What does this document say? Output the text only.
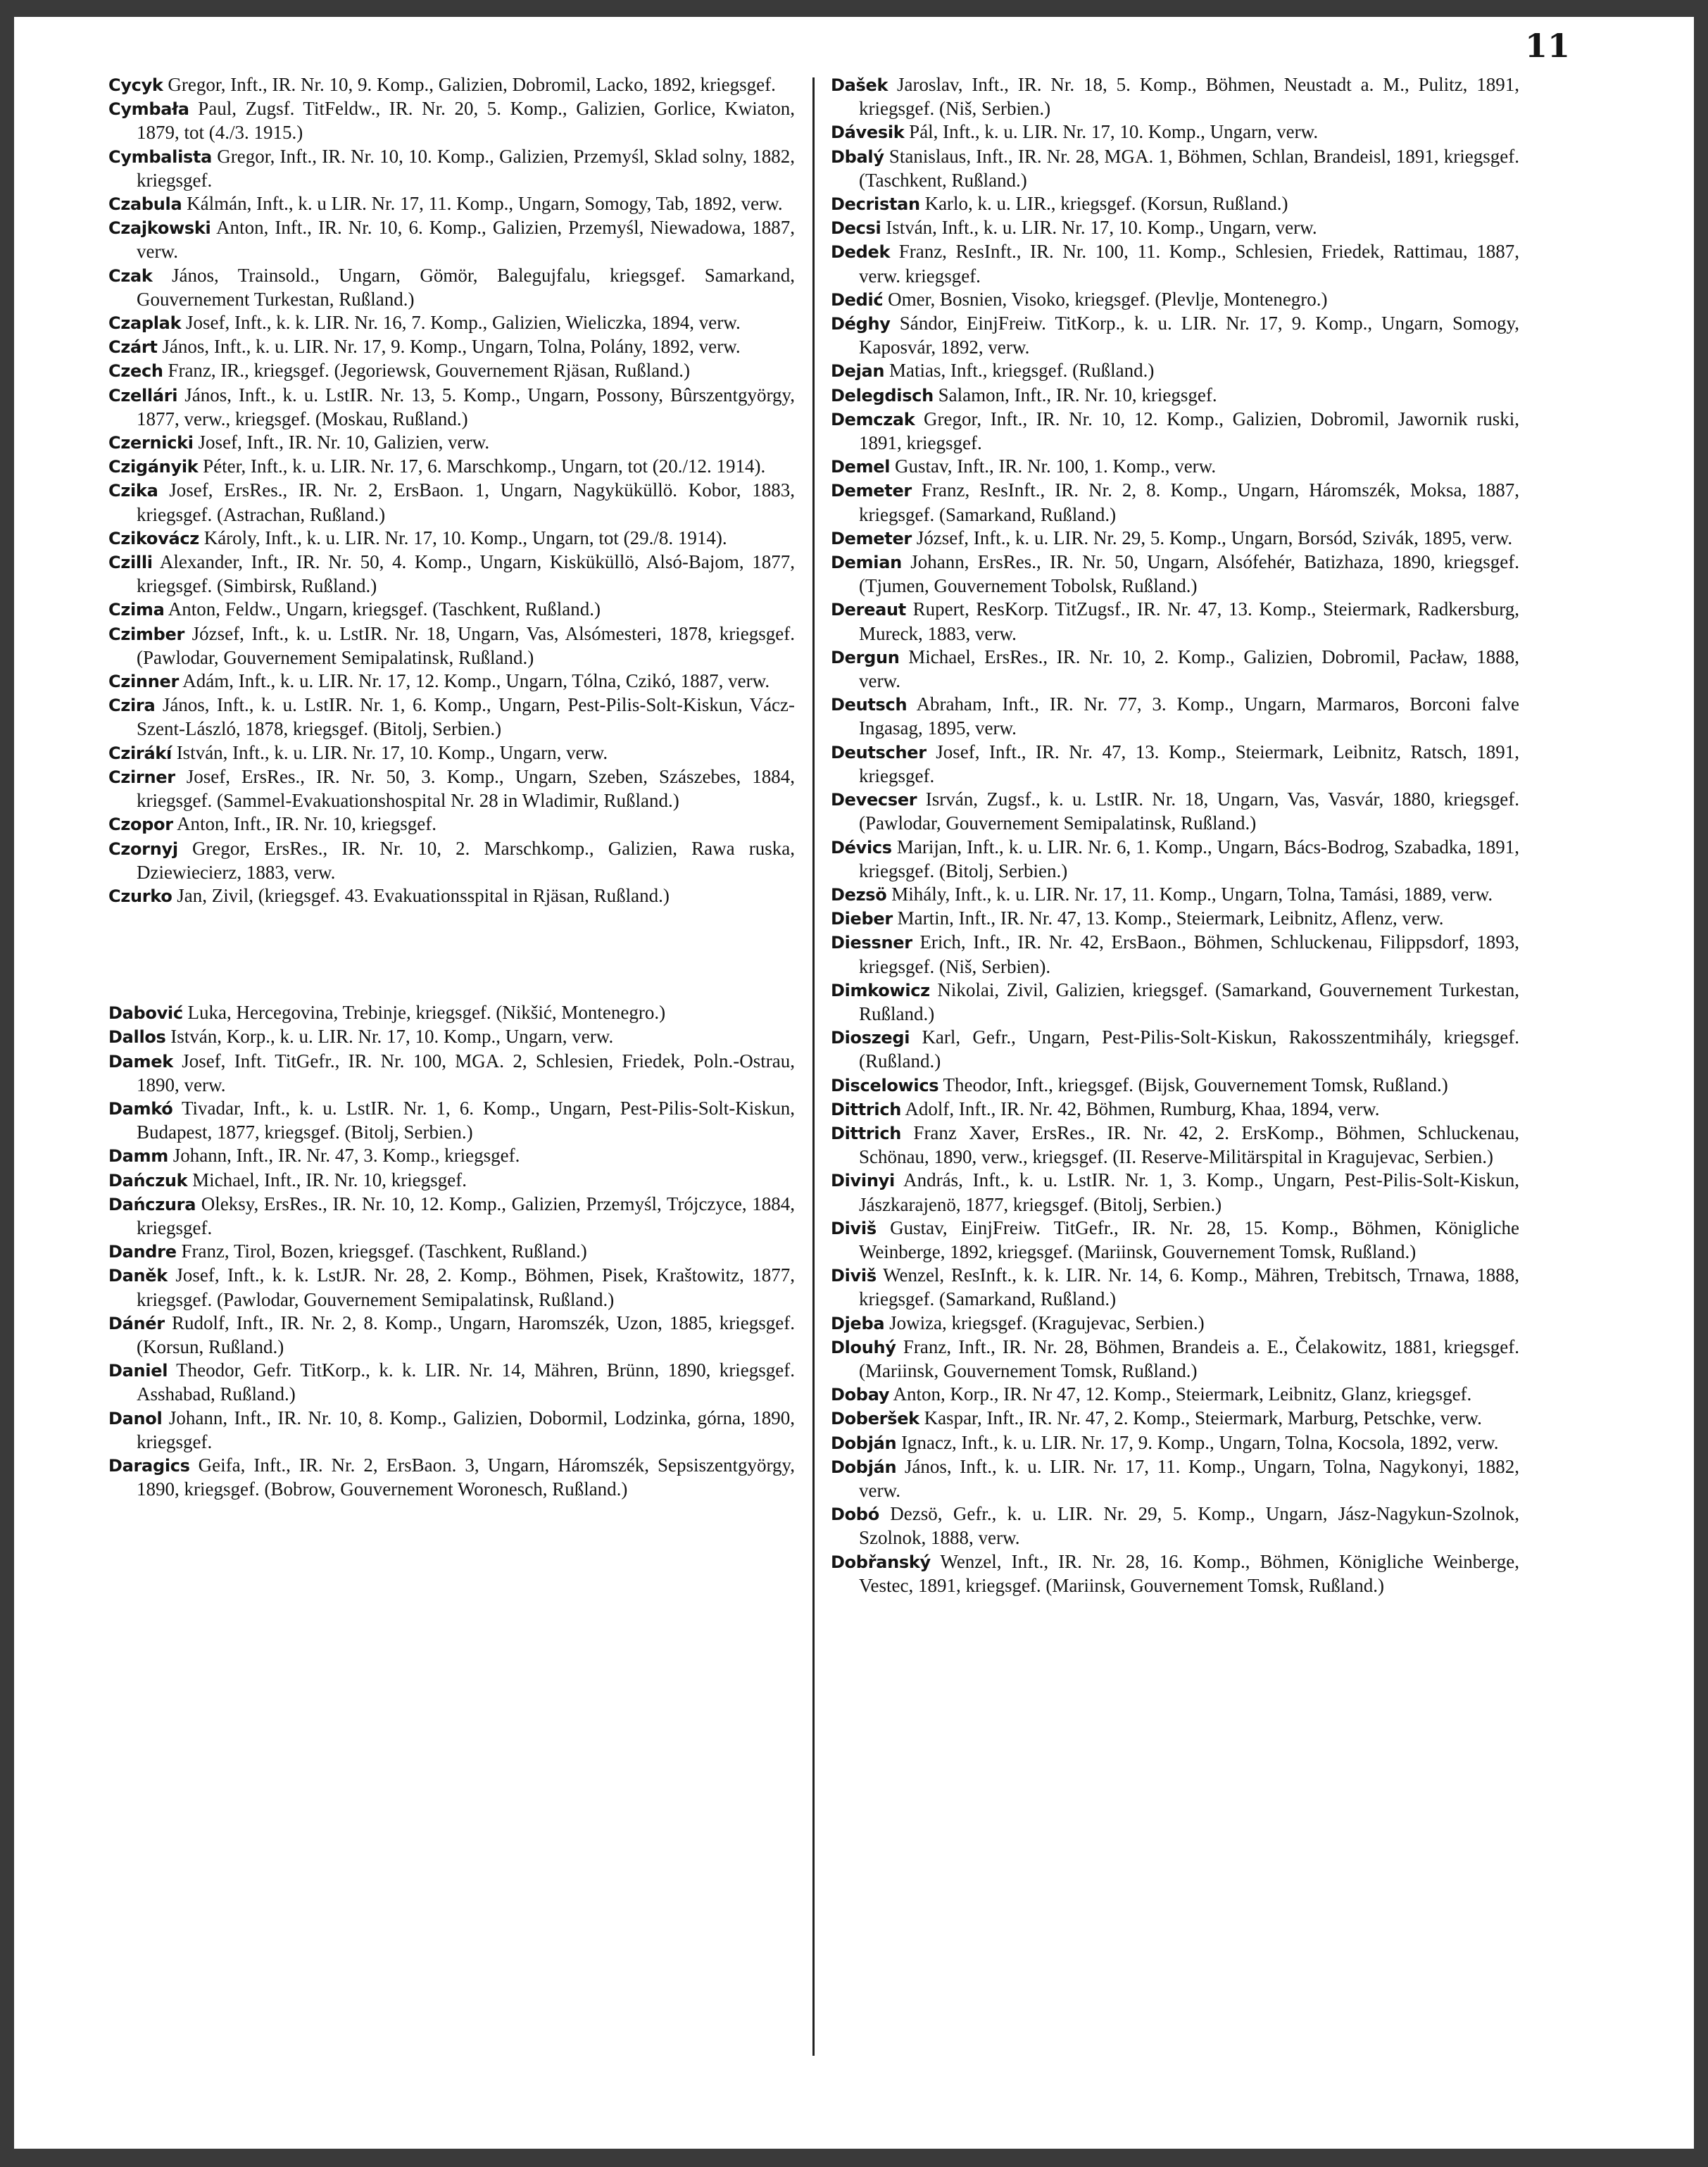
11

Cycyk Gregor, Inft., IR. Nr. 10, 9. Komp., Galizien, Dobromil, Lacko, 1892, kriegsgef.

Cymbała Paul, Zugsf. TitFeldw., IR. Nr. 20, 5. Komp., Galizien, Gorlice, Kwiaton, 1879, tot (4./3. 1915.)

Cymbalista Gregor, Inft., IR. Nr. 10, 10. Komp., Galizien, Przemyśl, Sklad solny, 1882, kriegsgef.

Czabula Kálmán, Inft., k. u LIR. Nr. 17, 11. Komp., Ungarn, Somogy, Tab, 1892, verw.

Czajkowski Anton, Inft., IR. Nr. 10, 6. Komp., Galizien, Przemyśl, Niewadowa, 1887, verw.

Czak János, Trainsold., Ungarn, Gömör, Balegujfalu, kriegsgef. Samarkand, Gouvernement Turkestan, Rußland.)

Czaplak Josef, Inft., k. k. LIR. Nr. 16, 7. Komp., Galizien, Wieliczka, 1894, verw.

Czárt János, Inft., k. u. LIR. Nr. 17, 9. Komp., Ungarn, Tolna, Polány, 1892, verw.

Czech Franz, IR., kriegsgef. (Jegoriewsk, Gouvernement Rjäsan, Rußland.)

Czellári János, Inft., k. u. LstIR. Nr. 13, 5. Komp., Ungarn, Possony, Bûrszentgyörgy, 1877, verw., kriegsgef. (Moskau, Rußland.)

Czernicki Josef, Inft., IR. Nr. 10, Galizien, verw.

Czigányik Péter, Inft., k. u. LIR. Nr. 17, 6. Marschkomp., Ungarn, tot (20./12. 1914).

Czika Josef, ErsRes., IR. Nr. 2, ErsBaon. 1, Ungarn, Nagyküküllö. Kobor, 1883, kriegsgef. (Astrachan, Rußland.)

Czikovácz Károly, Inft., k. u. LIR. Nr. 17, 10. Komp., Ungarn, tot (29./8. 1914).

Czilli Alexander, Inft., IR. Nr. 50, 4. Komp., Ungarn, Kisküküllö, Alsó-Bajom, 1877, kriegsgef. (Simbirsk, Rußland.)

Czima Anton, Feldw., Ungarn, kriegsgef. (Taschkent, Rußland.)

Czimber József, Inft., k. u. LstIR. Nr. 18, Ungarn, Vas, Alsómesteri, 1878, kriegsgef. (Pawlodar, Gouvernement Semipalatinsk, Rußland.)

Czinner Adám, Inft., k. u. LIR. Nr. 17, 12. Komp., Ungarn, Tólna, Czikó, 1887, verw.

Czira János, Inft., k. u. LstIR. Nr. 1, 6. Komp., Ungarn, Pest-Pilis-Solt-Kiskun, Vácz-Szent-László, 1878, kriegsgef. (Bitolj, Serbien.)

Czirákí István, Inft., k. u. LIR. Nr. 17, 10. Komp., Ungarn, verw.

Czirner Josef, ErsRes., IR. Nr. 50, 3. Komp., Ungarn, Szeben, Szászebes, 1884, kriegsgef. (Sammel-Evakuationshospital Nr. 28 in Wladimir, Rußland.)

Czopor Anton, Inft., IR. Nr. 10, kriegsgef.

Czornyj Gregor, ErsRes., IR. Nr. 10, 2. Marschkomp., Galizien, Rawa ruska, Dziewiecierz, 1883, verw.

Czurko Jan, Zivil, (kriegsgef. 43. Evakuationsspital in Rjäsan, Rußland.)

Dabović Luka, Hercegovina, Trebinje, kriegsgef. (Nikšić, Montenegro.)

Dallos István, Korp., k. u. LIR. Nr. 17, 10. Komp., Ungarn, verw.

Damek Josef, Inft. TitGefr., IR. Nr. 100, MGA. 2, Schlesien, Friedek, Poln.-Ostrau, 1890, verw.

Damkó Tivadar, Inft., k. u. LstIR. Nr. 1, 6. Komp., Ungarn, Pest-Pilis-Solt-Kiskun, Budapest, 1877, kriegsgef. (Bitolj, Serbien.)

Damm Johann, Inft., IR. Nr. 47, 3. Komp., kriegsgef.

Dańczuk Michael, Inft., IR. Nr. 10, kriegsgef.

Dańczura Oleksy, ErsRes., IR. Nr. 10, 12. Komp., Galizien, Przemyśl, Trójczyce, 1884, kriegsgef.

Dandre Franz, Tirol, Bozen, kriegsgef. (Taschkent, Rußland.)

Daněk Josef, Inft., k. k. LstJR. Nr. 28, 2. Komp., Böhmen, Pisek, Kraštowitz, 1877, kriegsgef. (Pawlodar, Gouvernement Semipalatinsk, Rußland.)

Dánér Rudolf, Inft., IR. Nr. 2, 8. Komp., Ungarn, Haromszék, Uzon, 1885, kriegsgef. (Korsun, Rußland.)

Daniel Theodor, Gefr. TitKorp., k. k. LIR. Nr. 14, Mähren, Brünn, 1890, kriegsgef. Asshabad, Rußland.)

Danol Johann, Inft., IR. Nr. 10, 8. Komp., Galizien, Dobormil, Lodzinka, górna, 1890, kriegsgef.

Daragics Geifa, Inft., IR. Nr. 2, ErsBaon. 3, Ungarn, Háromszék, Sepsiszentgyörgy, 1890, kriegsgef. (Bobrow, Gouvernement Woronesch, Rußland.)

Dašek Jaroslav, Inft., IR. Nr. 18, 5. Komp., Böhmen, Neustadt a. M., Pulitz, 1891, kriegsgef. (Niš, Serbien.)

Dávesik Pál, Inft., k. u. LIR. Nr. 17, 10. Komp., Ungarn, verw.

Dbalý Stanislaus, Inft., IR. Nr. 28, MGA. 1, Böhmen, Schlan, Brandeisl, 1891, kriegsgef. (Taschkent, Rußland.)

Decristan Karlo, k. u. LIR., kriegsgef. (Korsun, Rußland.)

Decsi István, Inft., k. u. LIR. Nr. 17, 10. Komp., Ungarn, verw.

Dedek Franz, ResInft., IR. Nr. 100, 11. Komp., Schlesien, Friedek, Rattimau, 1887, verw. kriegsgef.

Dedić Omer, Bosnien, Visoko, kriegsgef. (Plevlje, Montenegro.)

Déghy Sándor, EinjFreiw. TitKorp., k. u. LIR. Nr. 17, 9. Komp., Ungarn, Somogy, Kaposvár, 1892, verw.

Dejan Matias, Inft., kriegsgef. (Rußland.)

Delegdisch Salamon, Inft., IR. Nr. 10, kriegsgef.

Demczak Gregor, Inft., IR. Nr. 10, 12. Komp., Galizien, Dobromil, Jawornik ruski, 1891, kriegsgef.

Demel Gustav, Inft., IR. Nr. 100, 1. Komp., verw.

Demeter Franz, ResInft., IR. Nr. 2, 8. Komp., Ungarn, Háromszék, Moksa, 1887, kriegsgef. (Samarkand, Rußland.)

Demeter József, Inft., k. u. LIR. Nr. 29, 5. Komp., Ungarn, Borsód, Szivák, 1895, verw.

Demian Johann, ErsRes., IR. Nr. 50, Ungarn, Alsófehér, Batizhaza, 1890, kriegsgef. (Tjumen, Gouvernement Tobolsk, Rußland.)

Dereaut Rupert, ResKorp. TitZugsf., IR. Nr. 47, 13. Komp., Steiermark, Radkersburg, Mureck, 1883, verw.

Dergun Michael, ErsRes., IR. Nr. 10, 2. Komp., Galizien, Dobromil, Pacław, 1888, verw.

Deutsch Abraham, Inft., IR. Nr. 77, 3. Komp., Ungarn, Marmaros, Borconi falve Ingasag, 1895, verw.

Deutscher Josef, Inft., IR. Nr. 47, 13. Komp., Steiermark, Leibnitz, Ratsch, 1891, kriegsgef.

Devecser Isrván, Zugsf., k. u. LstIR. Nr. 18, Ungarn, Vas, Vasvár, 1880, kriegsgef. (Pawlodar, Gouvernement Semipalatinsk, Rußland.)

Dévics Marijan, Inft., k. u. LIR. Nr. 6, 1. Komp., Ungarn, Bács-Bodrog, Szabadka, 1891, kriegsgef. (Bitolj, Serbien.)

Dezsö Mihály, Inft., k. u. LIR. Nr. 17, 11. Komp., Ungarn, Tolna, Tamási, 1889, verw.

Dieber Martin, Inft., IR. Nr. 47, 13. Komp., Steiermark, Leibnitz, Aflenz, verw.

Diessner Erich, Inft., IR. Nr. 42, ErsBaon., Böhmen, Schluckenau, Filippsdorf, 1893, kriegsgef. (Niš, Serbien).

Dimkowicz Nikolai, Zivil, Galizien, kriegsgef. (Samarkand, Gouvernement Turkestan, Rußland.)

Dioszegi Karl, Gefr., Ungarn, Pest-Pilis-Solt-Kiskun, Rakosszentmihály, kriegsgef. (Rußland.)

Discelowics Theodor, Inft., kriegsgef. (Bijsk, Gouvernement Tomsk, Rußland.)

Dittrich Adolf, Inft., IR. Nr. 42, Böhmen, Rumburg, Khaa, 1894, verw.

Dittrich Franz Xaver, ErsRes., IR. Nr. 42, 2. ErsKomp., Böhmen, Schluckenau, Schönau, 1890, verw., kriegsgef. (II. Reserve-Militärspital in Kragujevac, Serbien.)

Divinyi András, Inft., k. u. LstIR. Nr. 1, 3. Komp., Ungarn, Pest-Pilis-Solt-Kiskun, Jászkarajenö, 1877, kriegsgef. (Bitolj, Serbien.)

Diviš Gustav, EinjFreiw. TitGefr., IR. Nr. 28, 15. Komp., Böhmen, Königliche Weinberge, 1892, kriegsgef. (Mariinsk, Gouvernement Tomsk, Rußland.)

Diviš Wenzel, ResInft., k. k. LIR. Nr. 14, 6. Komp., Mähren, Trebitsch, Trnawa, 1888, kriegsgef. (Samarkand, Rußland.)

Djeba Jowiza, kriegsgef. (Kragujevac, Serbien.)

Dlouhý Franz, Inft., IR. Nr. 28, Böhmen, Brandeis a. E., Čelakowitz, 1881, kriegsgef. (Mariinsk, Gouvernement Tomsk, Rußland.)

Dobay Anton, Korp., IR. Nr 47, 12. Komp., Steiermark, Leibnitz, Glanz, kriegsgef.

Doberšek Kaspar, Inft., IR. Nr. 47, 2. Komp., Steiermark, Marburg, Petschke, verw.

Dobján Ignacz, Inft., k. u. LIR. Nr. 17, 9. Komp., Ungarn, Tolna, Kocsola, 1892, verw.

Dobján János, Inft., k. u. LIR. Nr. 17, 11. Komp., Ungarn, Tolna, Nagykonyi, 1882, verw.

Dobó Dezsö, Gefr., k. u. LIR. Nr. 29, 5. Komp., Ungarn, Jász-Nagykun-Szolnok, Szolnok, 1888, verw.

Dobřanský Wenzel, Inft., IR. Nr. 28, 16. Komp., Böhmen, Königliche Weinberge, Vestec, 1891, kriegsgef. (Mariinsk, Gouvernement Tomsk, Rußland.)
